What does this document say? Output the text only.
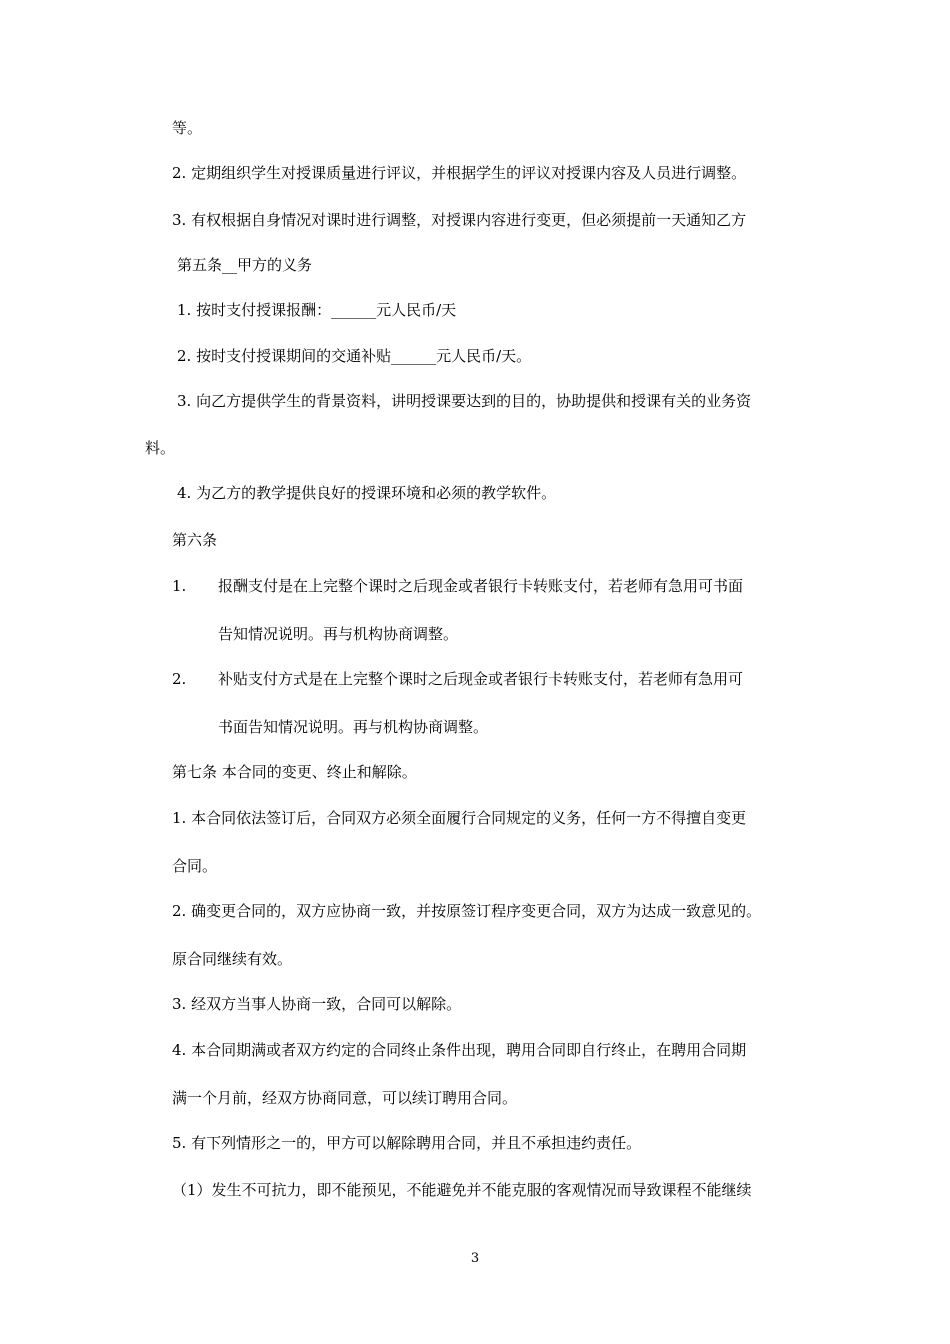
等。
2. 定期组织学生对授课质量进行评议，并根据学生的评议对授课内容及人员进行调整。
3. 有权根据自身情况对课时进行调整，对授课内容进行变更，但必须提前一天通知乙方
第五条__甲方的义务
1. 按时支付授课报酬：______元人民币/天
2. 按时支付授课期间的交通补贴______元人民币/天。
3. 向乙方提供学生的背景资料，讲明授课要达到的目的，协助提供和授课有关的业务资
料。
4. 为乙方的教学提供良好的授课环境和必须的教学软件。
第六条
1. 报酬支付是在上完整个课时之后现金或者银行卡转账支付，若老师有急用可书面
告知情况说明。再与机构协商调整。
2. 补贴支付方式是在上完整个课时之后现金或者银行卡转账支付，若老师有急用可
书面告知情况说明。再与机构协商调整。
第七条 本合同的变更、终止和解除。
1. 本合同依法签订后，合同双方必须全面履行合同规定的义务，任何一方不得擅自变更
合同。
2. 确变更合同的，双方应协商一致，并按原签订程序变更合同，双方为达成一致意见的。
原合同继续有效。
3. 经双方当事人协商一致，合同可以解除。
4. 本合同期满或者双方约定的合同终止条件出现，聘用合同即自行终止，在聘用合同期
满一个月前，经双方协商同意，可以续订聘用合同。
5. 有下列情形之一的，甲方可以解除聘用合同，并且不承担违约责任。
（1）发生不可抗力，即不能预见，不能避免并不能克服的客观情况而导致课程不能继续
3
